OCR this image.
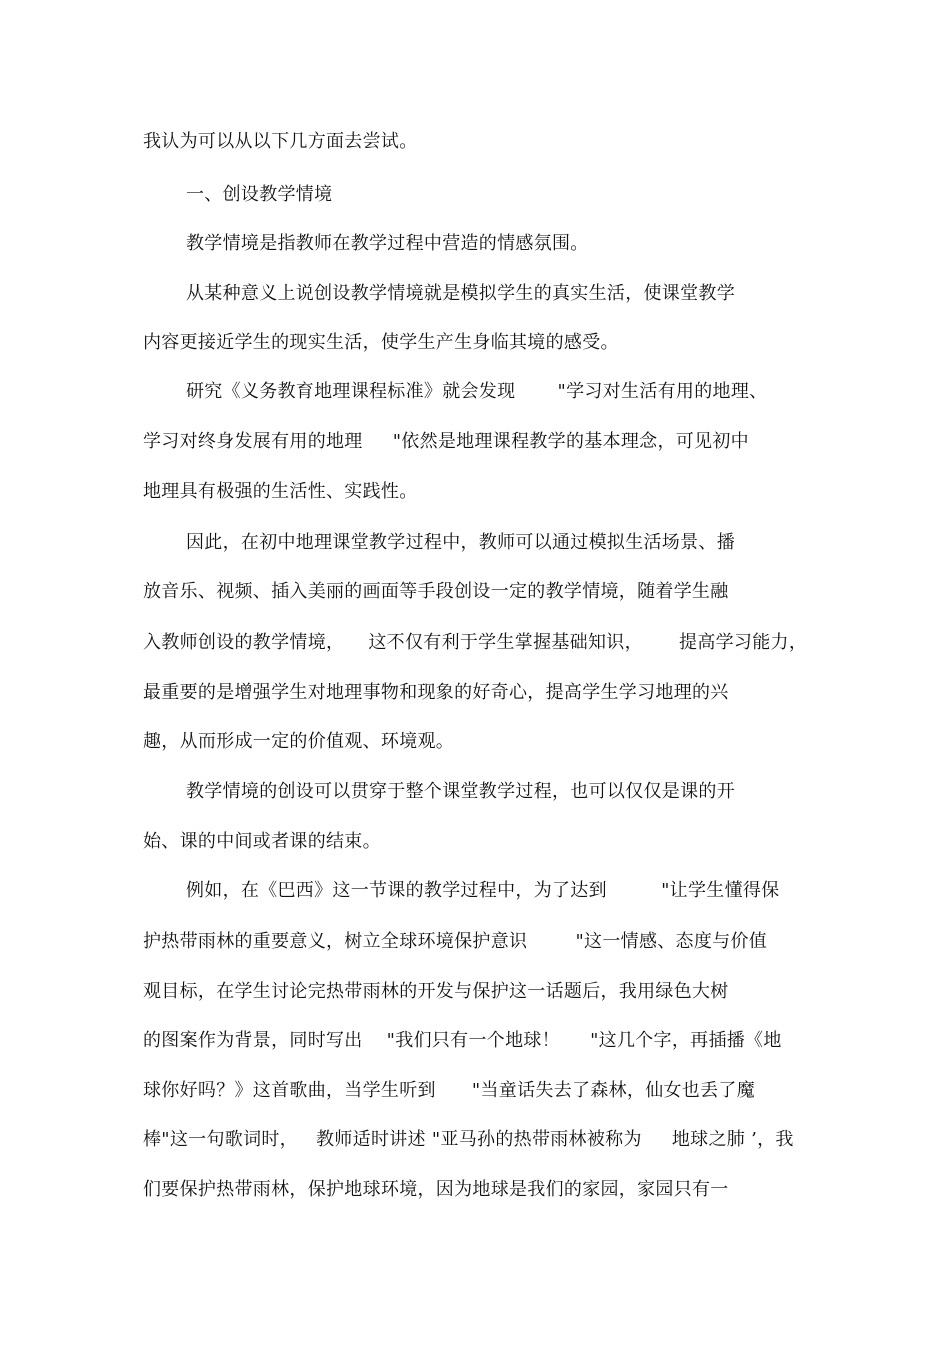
我认为可以从以下几方面去尝试。
一、创设教学情境
教学情境是指教师在教学过程中营造的情感氛围。
从某种意义上说创设教学情境就是模拟学生的真实生活，使课堂教学
内容更接近学生的现实生活，使学生产生身临其境的感受。
研究《义务教育地理课程标准》就会发现       "学习对生活有用的地理、
学习对终身发展有用的地理     "依然是地理课程教学的基本理念，可见初中
地理具有极强的生活性、实践性。
因此，在初中地理课堂教学过程中，教师可以通过模拟生活场景、播
放音乐、视频、插入美丽的画面等手段创设一定的教学情境，随着学生融
入教师创设的教学情境，    这不仅有利于学生掌握基础知识，      提高学习能力，
最重要的是增强学生对地理事物和现象的好奇心，提高学生学习地理的兴
趣，从而形成一定的价值观、环境观。
教学情境的创设可以贯穿于整个课堂教学过程，也可以仅仅是课的开
始、课的中间或者课的结束。
例如，在《巴西》这一节课的教学过程中，为了达到         "让学生懂得保
护热带雨林的重要意义，树立全球环境保护意识        "这一情感、态度与价值
观目标，在学生讨论完热带雨林的开发与保护这一话题后，我用绿色大树
的图案作为背景，同时写出    "我们只有一个地球！     "这几个字，再插播《地
球你好吗？》这首歌曲，当学生听到      "当童话失去了森林，仙女也丢了魔
棒"这一句歌词时，   教师适时讲述 "亚马孙的热带雨林被称为     地球之肺 ’，我
们要保护热带雨林，保护地球环境，因为地球是我们的家园，家园只有一
